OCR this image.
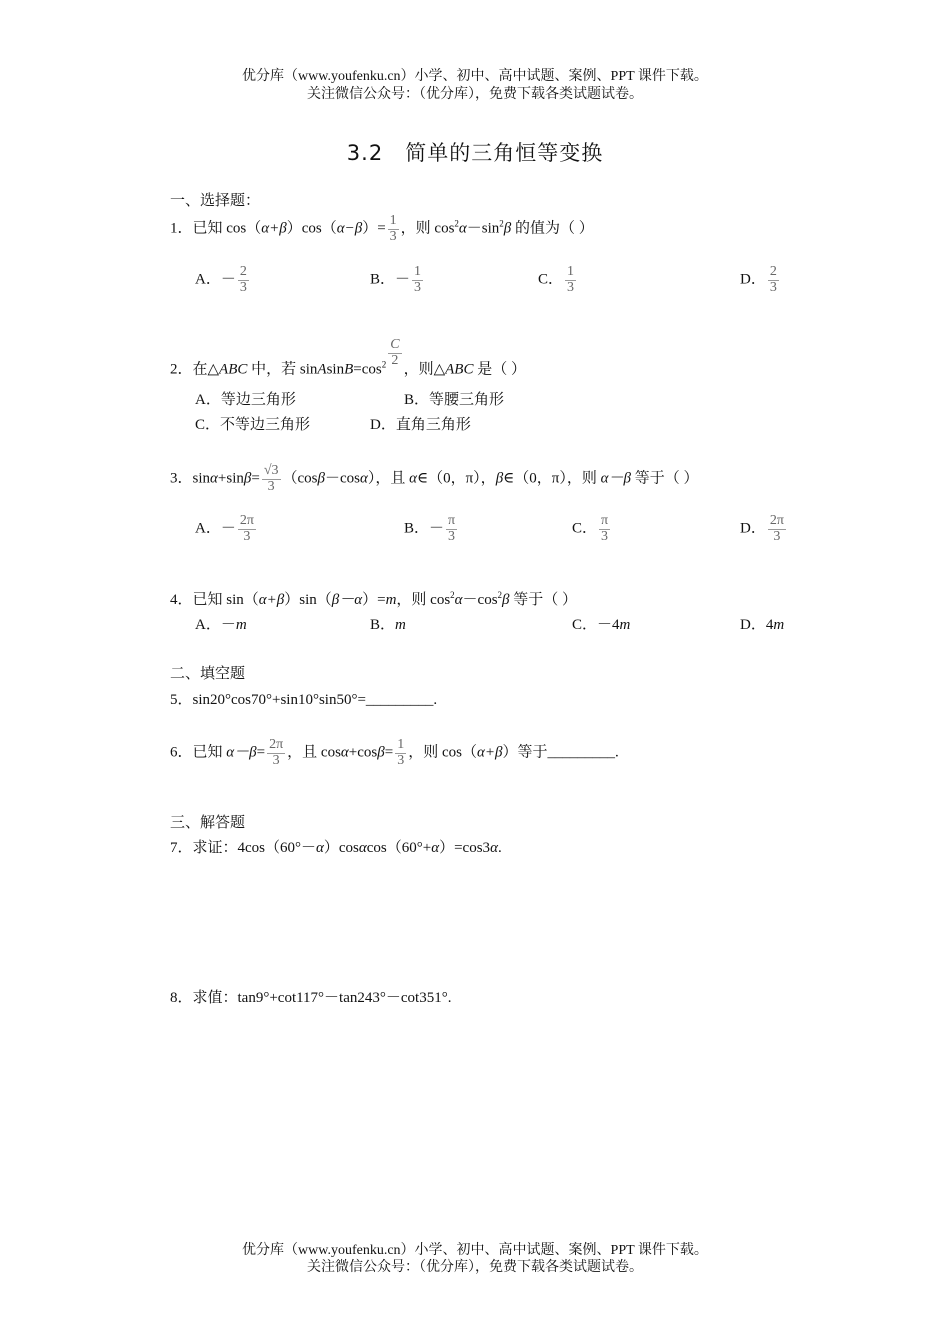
优分库（www.youfenku.cn）小学、初中、高中试题、案例、PPT 课件下载。
关注微信公众号：（优分库），免费下载各类试题试卷。
3.2　简单的三角恒等变换
一、选择题：
1．已知 $\cos(\alpha+\beta)\cos(\alpha-\beta)= \frac{1}{3}$ ，则 $\cos^2\alpha-\sin^2\beta$ 的值为（ ）
A．－ $\frac{2}{3}$	B．－ $\frac{1}{3}$	C． $\frac{1}{3}$	D． $\frac{2}{3}$
2．在△ABC 中，若 $sinAsinB=\cos^2 \frac{C}{2}$
，则△ABC 是（ ）
A．等边三角形	B．等腰三角形
C．不等边三角形	D．直角三角形
3．$\sin\alpha+\sin\beta= \frac{√3}{3} (\cos\beta-\cos\alpha)$，且 α∈（0，π），β∈（0，π），则 α－β 等于（ ）
A．－ $\frac{2\pi}{3}$	B．－ $\frac{\pi}{3}$	C． $\frac{\pi}{3}$	D． $\frac{2\pi}{3}$
4．已知 sin（α+β）sin（β－α）=m，则 $\cos^2\alpha-\cos^2\beta$ 等于（ ）
A．－m	B．m	C．－4m	D．4m
二、填空题
5．sin20°cos70°+sin10°sin50°=_________.
6．已知 $\alpha-\beta= \frac{2\pi}{3}$ ，且 $\cos\alpha+\cos\beta= \frac{1}{3}$ ，则 cos（α+β）等于_________.
三、解答题
7．求证：4cos（60°－α）cosαcos（60°+α）=cos3α.
8．求值：tan9°+cot117°－tan243°－cot351°.
优分库（www.youfenku.cn）小学、初中、高中试题、案例、PPT 课件下载。
关注微信公众号：（优分库），免费下载各类试题试卷。
